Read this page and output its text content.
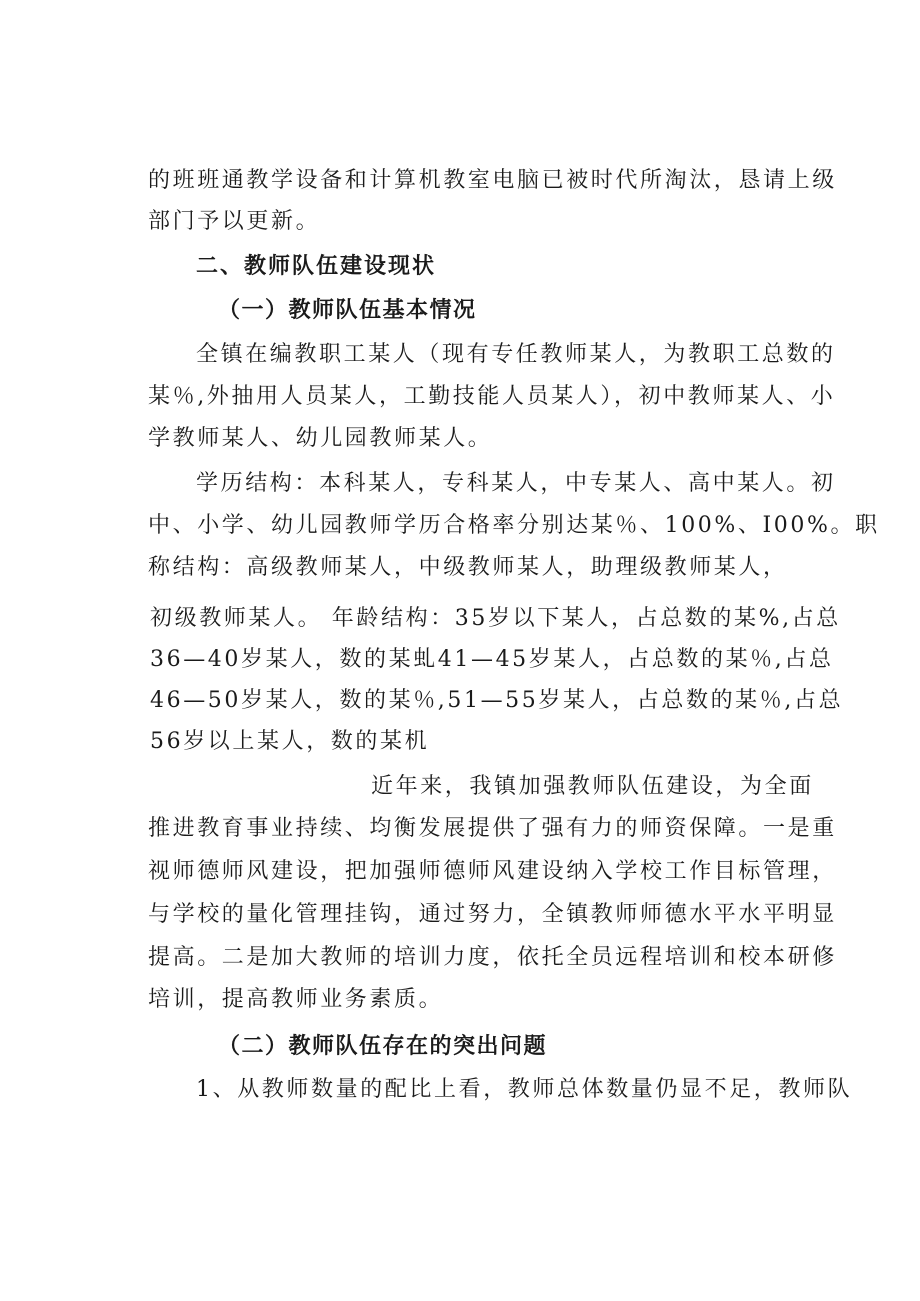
的班班通教学设备和计算机教室电脑已被时代所淘汰，恳请上级
部门予以更新。
二、教师队伍建设现状
（一）教师队伍基本情况
全镇在编教职工某人（现有专任教师某人，为教职工总数的
某％,外抽用人员某人，工勤技能人员某人），初中教师某人、小
学教师某人、幼儿园教师某人。
学历结构：本科某人，专科某人，中专某人、高中某人。初
中、小学、幼儿园教师学历合格率分别达某％、100%、I00%。职
称结构：高级教师某人，中级教师某人，助理级教师某人，
初级教师某人。 年龄结构：35岁以下某人，占总数的某%,占总
36—40岁某人，数的某虬41—45岁某人，占总数的某％,占总
46—50岁某人，数的某％,51—55岁某人，占总数的某％,占总
56岁以上某人，数的某机
近年来，我镇加强教师队伍建设，为全面
推进教育事业持续、均衡发展提供了强有力的师资保障。一是重
视师德师风建设，把加强师德师风建设纳入学校工作目标管理，
与学校的量化管理挂钩，通过努力，全镇教师师德水平水平明显
提高。二是加大教师的培训力度，依托全员远程培训和校本研修
培训，提高教师业务素质。
（二）教师队伍存在的突出问题
1、从教师数量的配比上看，教师总体数量仍显不足，教师队
